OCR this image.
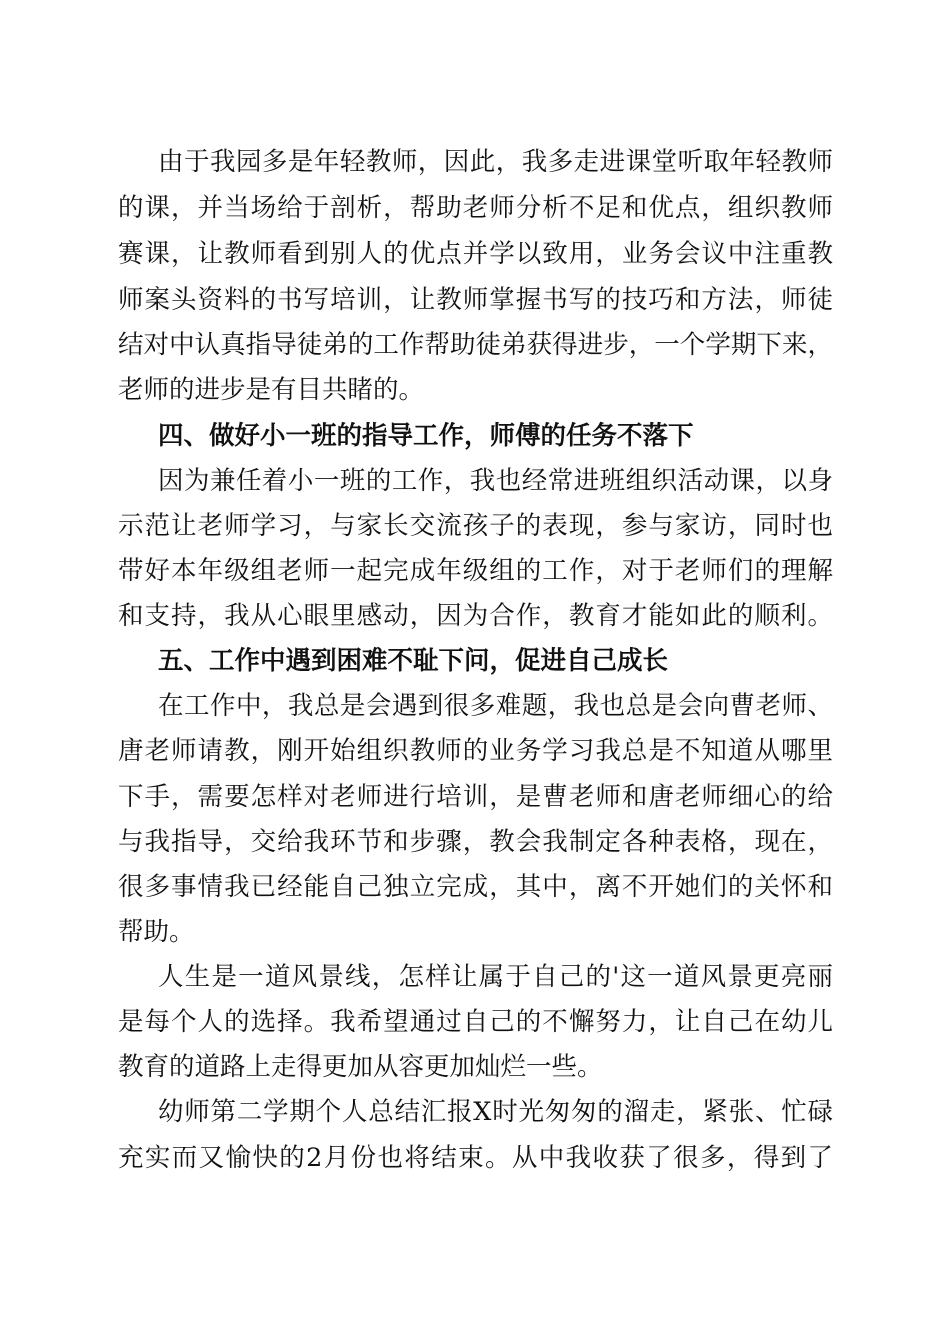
由于我园多是年轻教师，因此，我多走进课堂听取年轻教师
的课，并当场给于剖析，帮助老师分析不足和优点，组织教师
赛课，让教师看到别人的优点并学以致用，业务会议中注重教
师案头资料的书写培训，让教师掌握书写的技巧和方法，师徒
结对中认真指导徒弟的工作帮助徒弟获得进步，一个学期下来，
老师的进步是有目共睹的。
四、做好小一班的指导工作，师傅的任务不落下
因为兼任着小一班的工作，我也经常进班组织活动课，以身
示范让老师学习，与家长交流孩子的表现，参与家访，同时也
带好本年级组老师一起完成年级组的工作，对于老师们的理解
和支持，我从心眼里感动，因为合作，教育才能如此的顺利。
五、工作中遇到困难不耻下问，促进自己成长
在工作中，我总是会遇到很多难题，我也总是会向曹老师、
唐老师请教，刚开始组织教师的业务学习我总是不知道从哪里
下手，需要怎样对老师进行培训，是曹老师和唐老师细心的给
与我指导，交给我环节和步骤，教会我制定各种表格，现在，
很多事情我已经能自己独立完成，其中，离不开她们的关怀和
帮助。
人生是一道风景线，怎样让属于自己的'这一道风景更亮丽
是每个人的选择。我希望通过自己的不懈努力，让自己在幼儿
教育的道路上走得更加从容更加灿烂一些。
幼师第二学期个人总结汇报X时光匆匆的溜走，紧张、忙碌
充实而又愉快的2月份也将结束。从中我收获了很多，得到了
